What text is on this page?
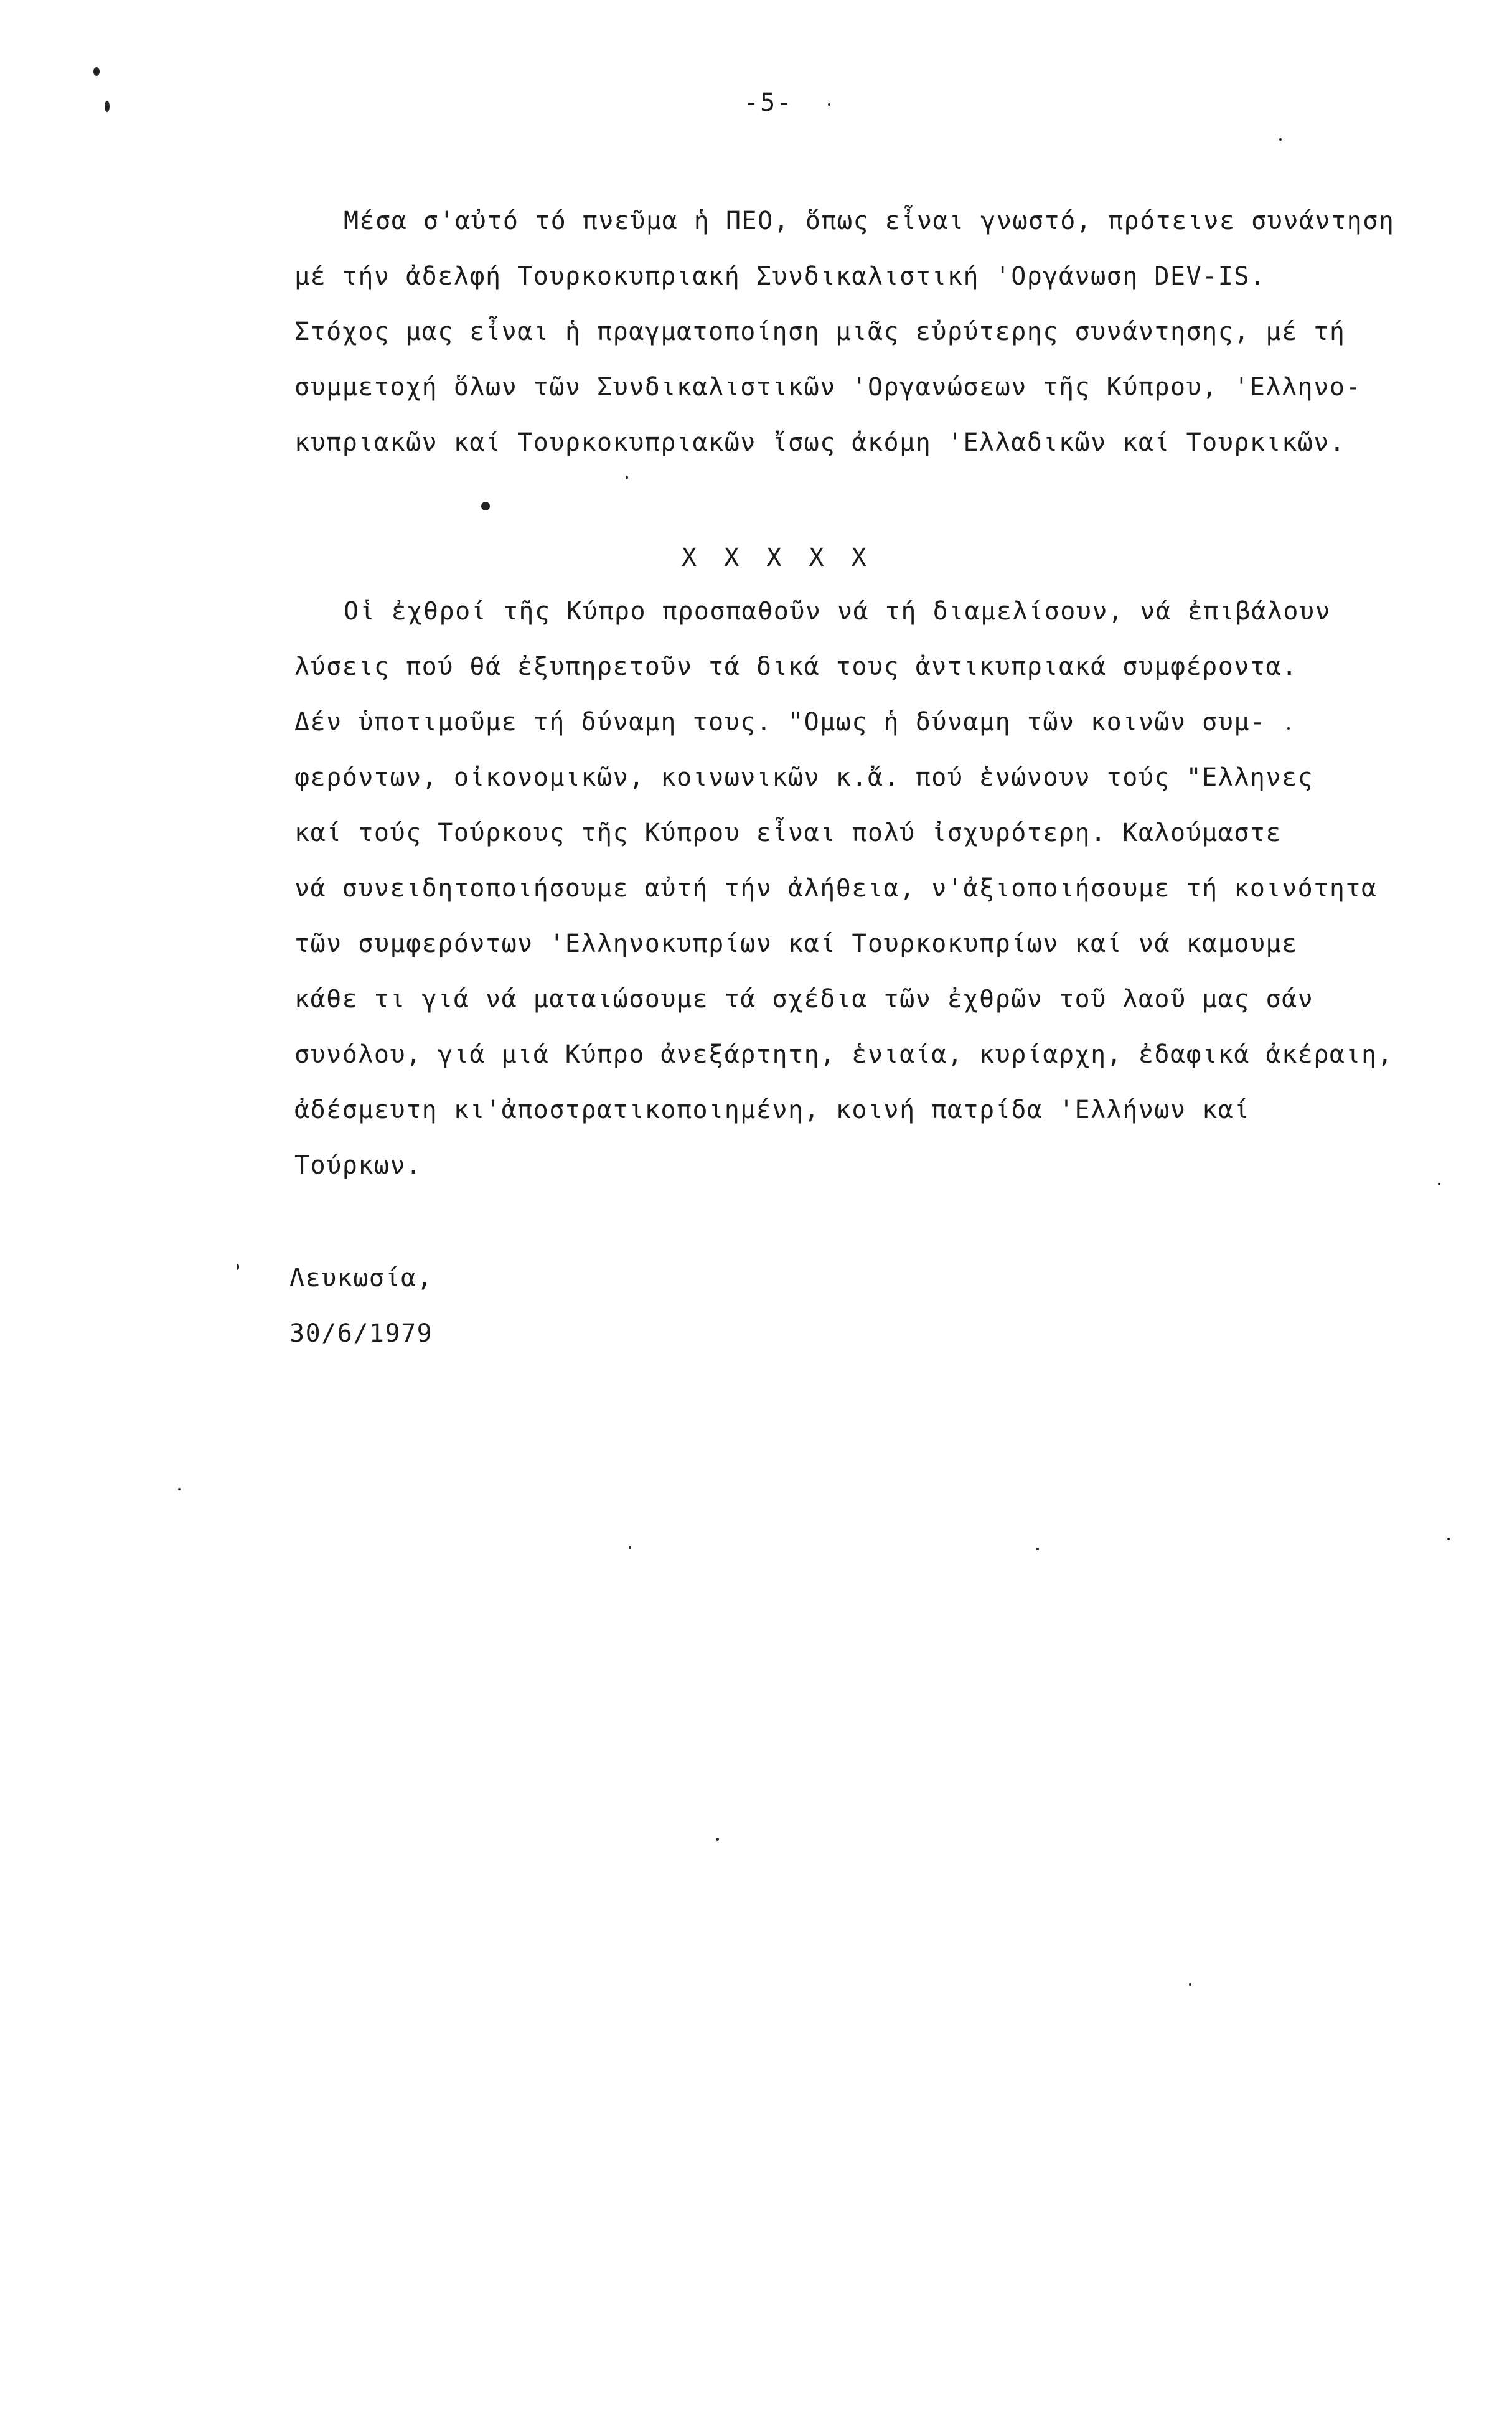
-5-
Μέσα σ'αὐτό τό πνεῦμα ἡ ΠΕΟ, ὅπως εἶναι γνωστό, πρότεινε συνάντηση
μέ τήν ἀδελφή Τουρκοκυπριακή Συνδικαλιστική 'Οργάνωση DEV-IS.
Στόχος μας εἶναι ἡ πραγματοποίηση μιᾶς εὐρύτερης συνάντησης, μέ τή
συμμετοχή ὅλων τῶν Συνδικαλιστικῶν 'Οργανώσεων τῆς Κύπρου, 'Ελληνο-
κυπριακῶν καί Τουρκοκυπριακῶν ἴσως ἀκόμη 'Ελλαδικῶν καί Τουρκικῶν.
X X X X X
Οἱ ἐχθροί τῆς Κύπρο προσπαθοῦν νά τή διαμελίσουν, νά ἐπιβάλουν
λύσεις πού θά ἐξυπηρετοῦν τά δικά τους ἀντικυπριακά συμφέροντα.
Δέν ὑποτιμοῦμε τή δύναμη τους. "Ομως ἡ δύναμη τῶν κοινῶν συμ-
φερόντων, οἰκονομικῶν, κοινωνικῶν κ.ἄ. πού ἑνώνουν τούς "Ελληνες
καί τούς Τούρκους τῆς Κύπρου εἶναι πολύ ἰσχυρότερη. Καλούμαστε
νά συνειδητοποιήσουμε αὐτή τήν ἀλήθεια, ν'ἀξιοποιήσουμε τή κοινότητα
τῶν συμφερόντων 'Ελληνοκυπρίων καί Τουρκοκυπρίων καί νά καμουμε
κάθε τι γιά νά ματαιώσουμε τά σχέδια τῶν ἐχθρῶν τοῦ λαοῦ μας σάν
συνόλου, γιά μιά Κύπρο ἀνεξάρτητη, ἑνιαία, κυρίαρχη, ἐδαφικά ἀκέραιη,
ἀδέσμευτη κι'ἀποστρατικοποιημένη, κοινή πατρίδα 'Ελλήνων καί
Τούρκων.
Λευκωσία,
30/6/1979
